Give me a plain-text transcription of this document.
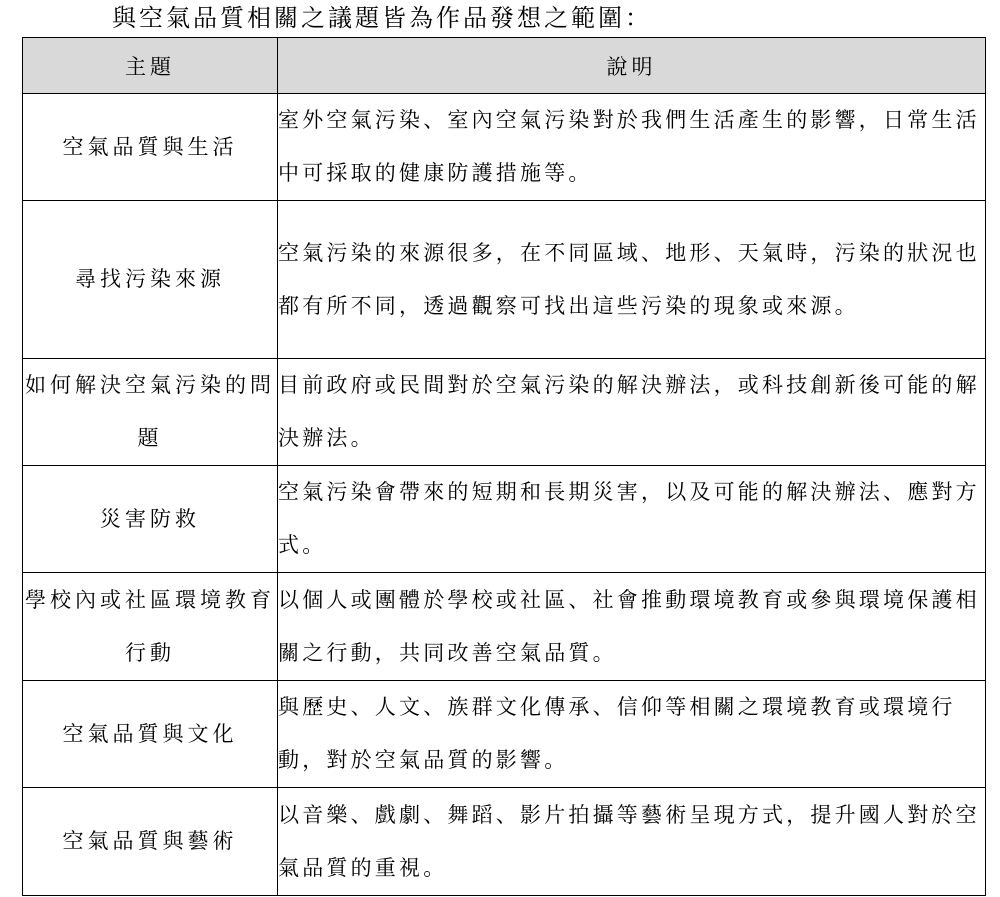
與空氣品質相關之議題皆為作品發想之範圍：
主題	說明
空氣品質與生活	室外空氣污染、室內空氣污染對於我們生活產生的影響，日常生活中可採取的健康防護措施等。
尋找污染來源	空氣污染的來源很多，在不同區域、地形、天氣時，污染的狀況也都有所不同，透過觀察可找出這些污染的現象或來源。
如何解決空氣污染的問題	目前政府或民間對於空氣污染的解決辦法，或科技創新後可能的解決辦法。
災害防救	空氣污染會帶來的短期和長期災害，以及可能的解決辦法、應對方式。
學校內或社區環境教育行動	以個人或團體於學校或社區、社會推動環境教育或參與環境保護相關之行動，共同改善空氣品質。
空氣品質與文化	與歷史、人文、族群文化傳承、信仰等相關之環境教育或環境行動，對於空氣品質的影響。
空氣品質與藝術	以音樂、戲劇、舞蹈、影片拍攝等藝術呈現方式，提升國人對於空氣品質的重視。
